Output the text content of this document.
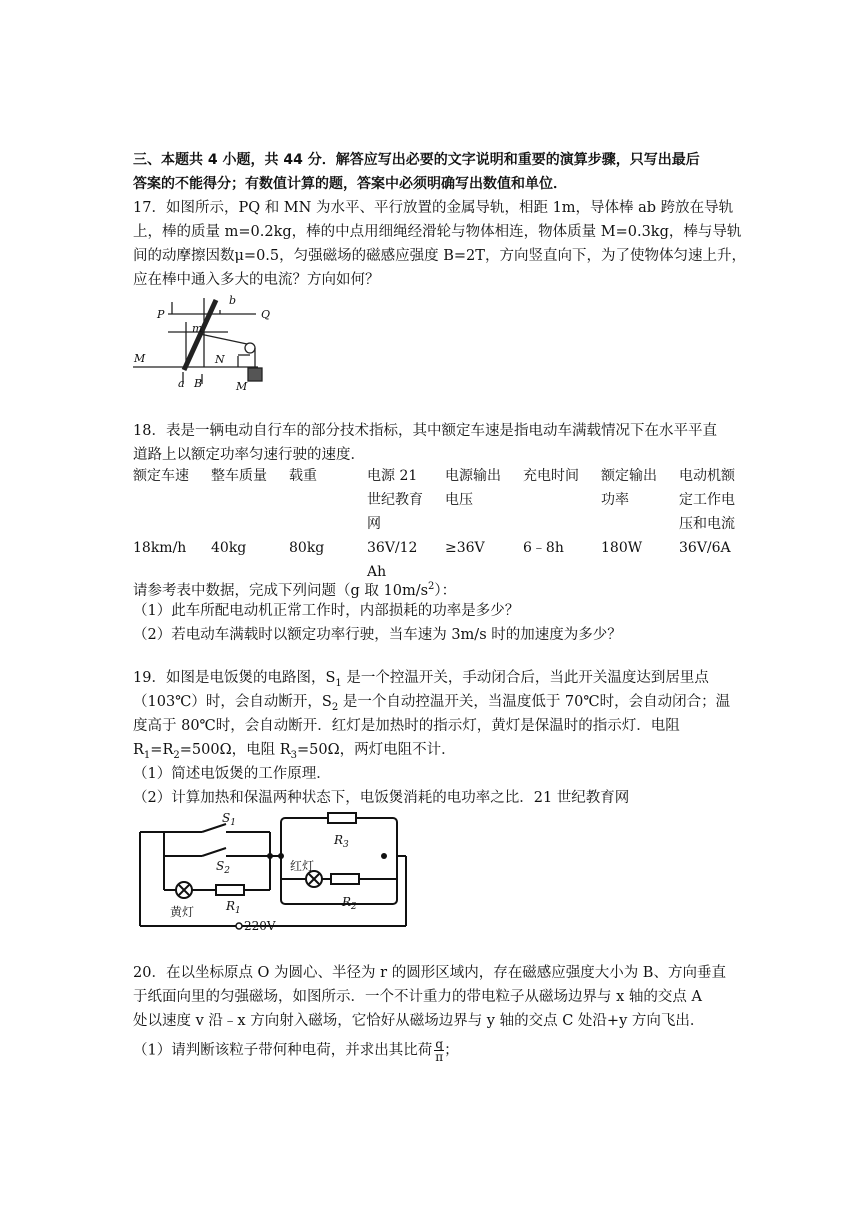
三、本题共 4 小题，共 44 分．解答应写出必要的文字说明和重要的演算步骤，只写出最后
答案的不能得分；有数值计算的题，答案中必须明确写出数值和单位．
17．如图所示，PQ 和 MN 为水平、平行放置的金属导轨，相距 1m，导体棒 ab 跨放在导轨
上，棒的质量 m=0.2kg，棒的中点用细绳经滑轮与物体相连，物体质量 M=0.3kg，棒与导轨
间的动摩擦因数μ=0.5，匀强磁场的磁感应强度 B=2T，方向竖直向下，为了使物体匀速上升，
应在棒中通入多大的电流？方向如何？
P	Q
M	N
a
b
B
m
M
18．表是一辆电动自行车的部分技术指标，其中额定车速是指电动车满载情况下在水平平直
道路上以额定功率匀速行驶的速度．
额定车速	整车质量	载重	电源 21 世纪教育网	电源输出电压	充电时间	额定输出功率	电动机额定工作电压和电流

18km/h	40kg	80kg	36V/12Ah	≥36V	6﹣8h	180W	36V/6A
请参考表中数据，完成下列问题（g 取 $10m/s^2$）：
（1）此车所配电动机正常工作时，内部损耗的功率是多少？
（2）若电动车满载时以额定功率行驶，当车速为 3m/s 时的加速度为多少？
19．如图是电饭煲的电路图，$S_1$ 是一个控温开关，手动闭合后，当此开关温度达到居里点
（103℃）时，会自动断开，$S_2$ 是一个自动控温开关，当温度低于 70℃时，会自动闭合；温
度高于 80℃时，会自动断开．红灯是加热时的指示灯，黄灯是保温时的指示灯．电阻
$R_1=R_2=500\Omega$，电阻 $R_3=50\Omega$，两灯电阻不计．
（1）简述电饭煲的工作原理．
（2）计算加热和保温两种状态下，电饭煲消耗的电功率之比．21 世纪教育网
$S_1$
$S_2$
$R_3$
$R_1$
$R_2$
红灯
黄灯
220V
20．在以坐标原点 O 为圆心、半径为 r 的圆形区域内，存在磁感应强度大小为 B、方向垂直
于纸面向里的匀强磁场，如图所示．一个不计重力的带电粒子从磁场边界与 x 轴的交点 A
处以速度 v 沿﹣x 方向射入磁场，它恰好从磁场边界与 y 轴的交点 C 处沿+y 方向飞出．
（1）请判断该粒子带何种电荷，并求出其比荷 $\frac{q}{\pi}$ ；
